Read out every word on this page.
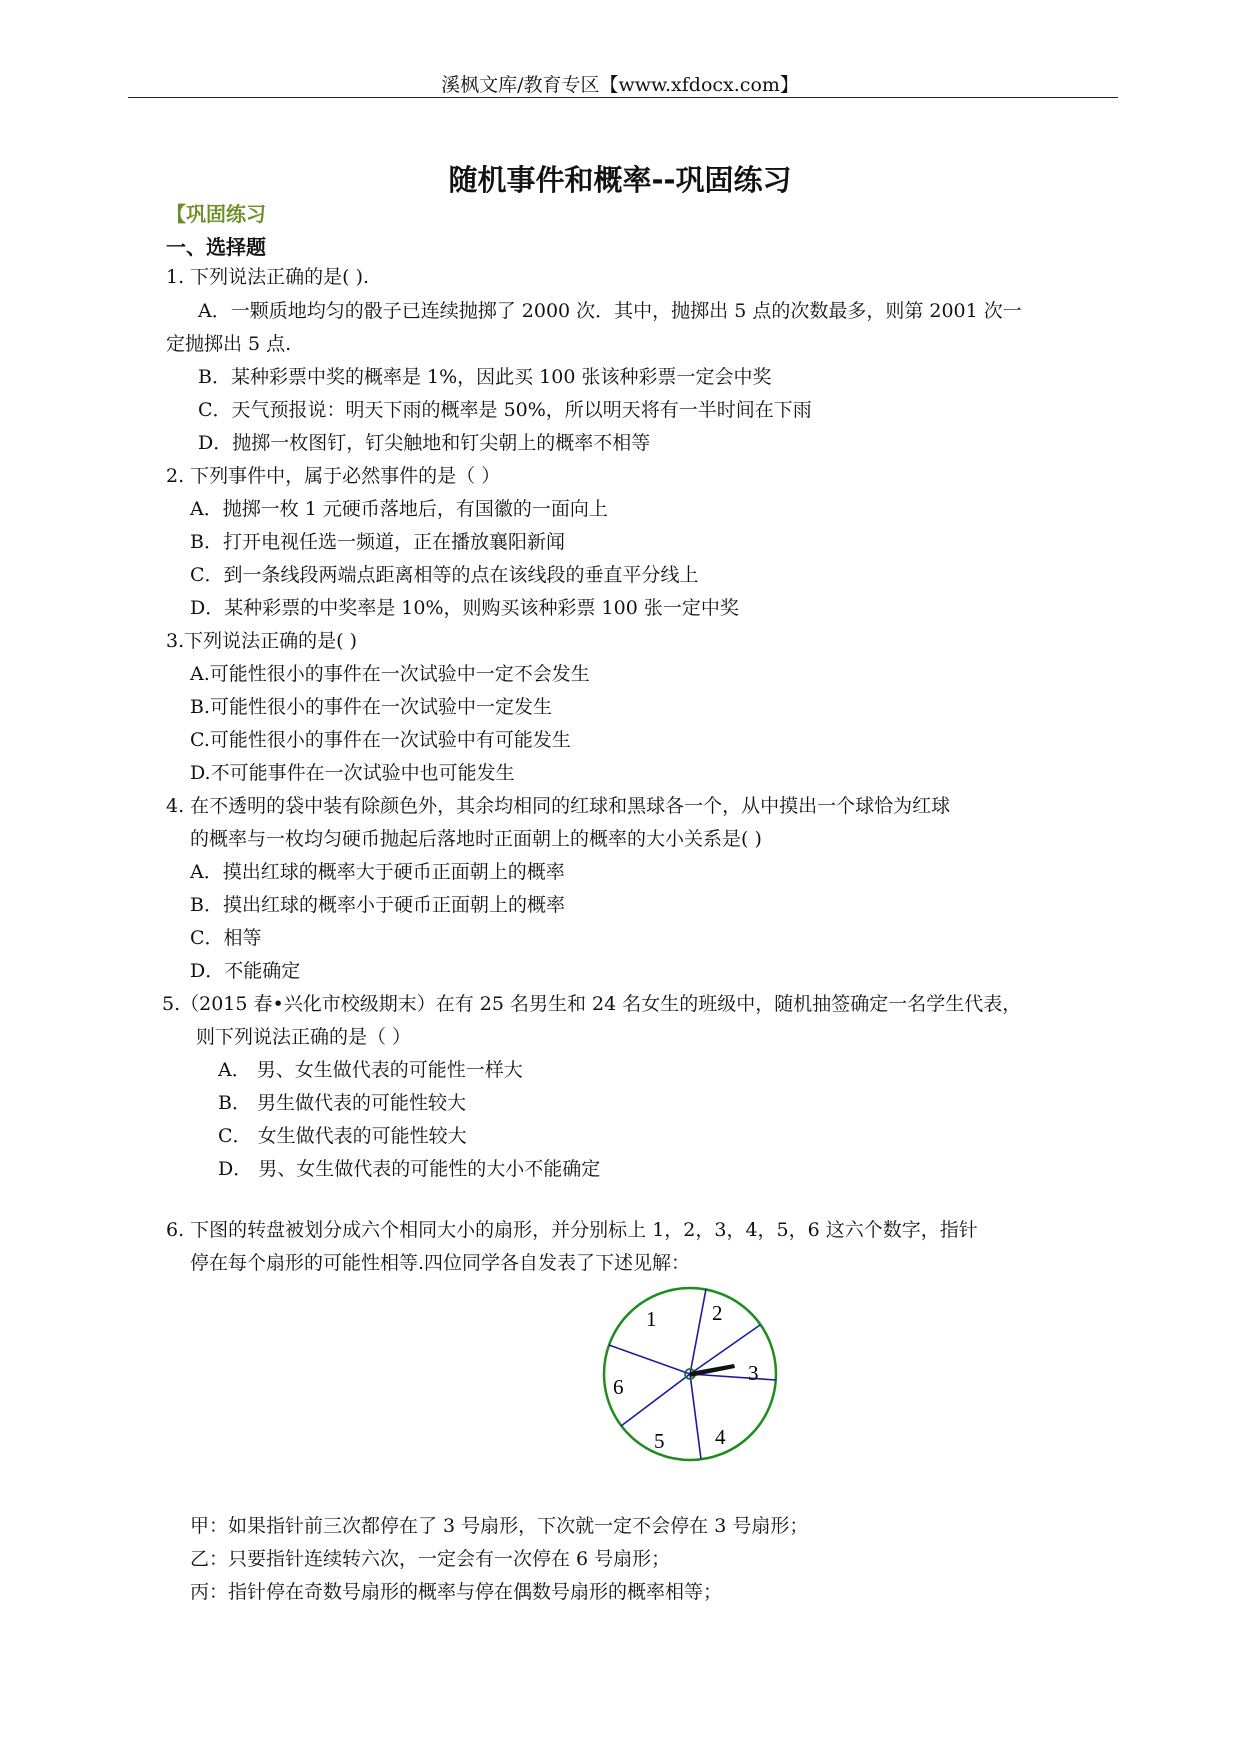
溪枫文库/教育专区【www.xfdocx.com】
随机事件和概率--巩固练习
【巩固练习
一、选择题
1. 下列说法正确的是( ).
A．一颗质地均匀的骰子已连续抛掷了 2000 次．其中，抛掷出 5 点的次数最多，则第 2001 次一
定抛掷出 5 点.
B．某种彩票中奖的概率是 1%，因此买 100 张该种彩票一定会中奖
C．天气预报说：明天下雨的概率是 50%，所以明天将有一半时间在下雨
D．抛掷一枚图钉，钉尖触地和钉尖朝上的概率不相等
2. 下列事件中，属于必然事件的是（ ）
A．抛掷一枚 1 元硬币落地后，有国徽的一面向上
B．打开电视任选一频道，正在播放襄阳新闻
C．到一条线段两端点距离相等的点在该线段的垂直平分线上
D．某种彩票的中奖率是 10%，则购买该种彩票 100 张一定中奖
3.下列说法正确的是( )
A.可能性很小的事件在一次试验中一定不会发生
B.可能性很小的事件在一次试验中一定发生
C.可能性很小的事件在一次试验中有可能发生
D.不可能事件在一次试验中也可能发生
4. 在不透明的袋中装有除颜色外，其余均相同的红球和黑球各一个，从中摸出一个球恰为红球
的概率与一枚均匀硬币抛起后落地时正面朝上的概率的大小关系是( )
A．摸出红球的概率大于硬币正面朝上的概率
B．摸出红球的概率小于硬币正面朝上的概率
C．相等
D．不能确定
5.（2015 春•兴化市校级期末）在有 25 名男生和 24 名女生的班级中，随机抽签确定一名学生代表，
则下列说法正确的是（ ）
A． 男、女生做代表的可能性一样大
B． 男生做代表的可能性较大
C． 女生做代表的可能性较大
D． 男、女生做代表的可能性的大小不能确定
6. 下图的转盘被划分成六个相同大小的扇形，并分别标上 1，2，3，4，5，6 这六个数字，指针
停在每个扇形的可能性相等.四位同学各自发表了下述见解：
1	2
3
4
5
6
甲：如果指针前三次都停在了 3 号扇形，下次就一定不会停在 3 号扇形；
乙：只要指针连续转六次，一定会有一次停在 6 号扇形；
丙：指针停在奇数号扇形的概率与停在偶数号扇形的概率相等；
